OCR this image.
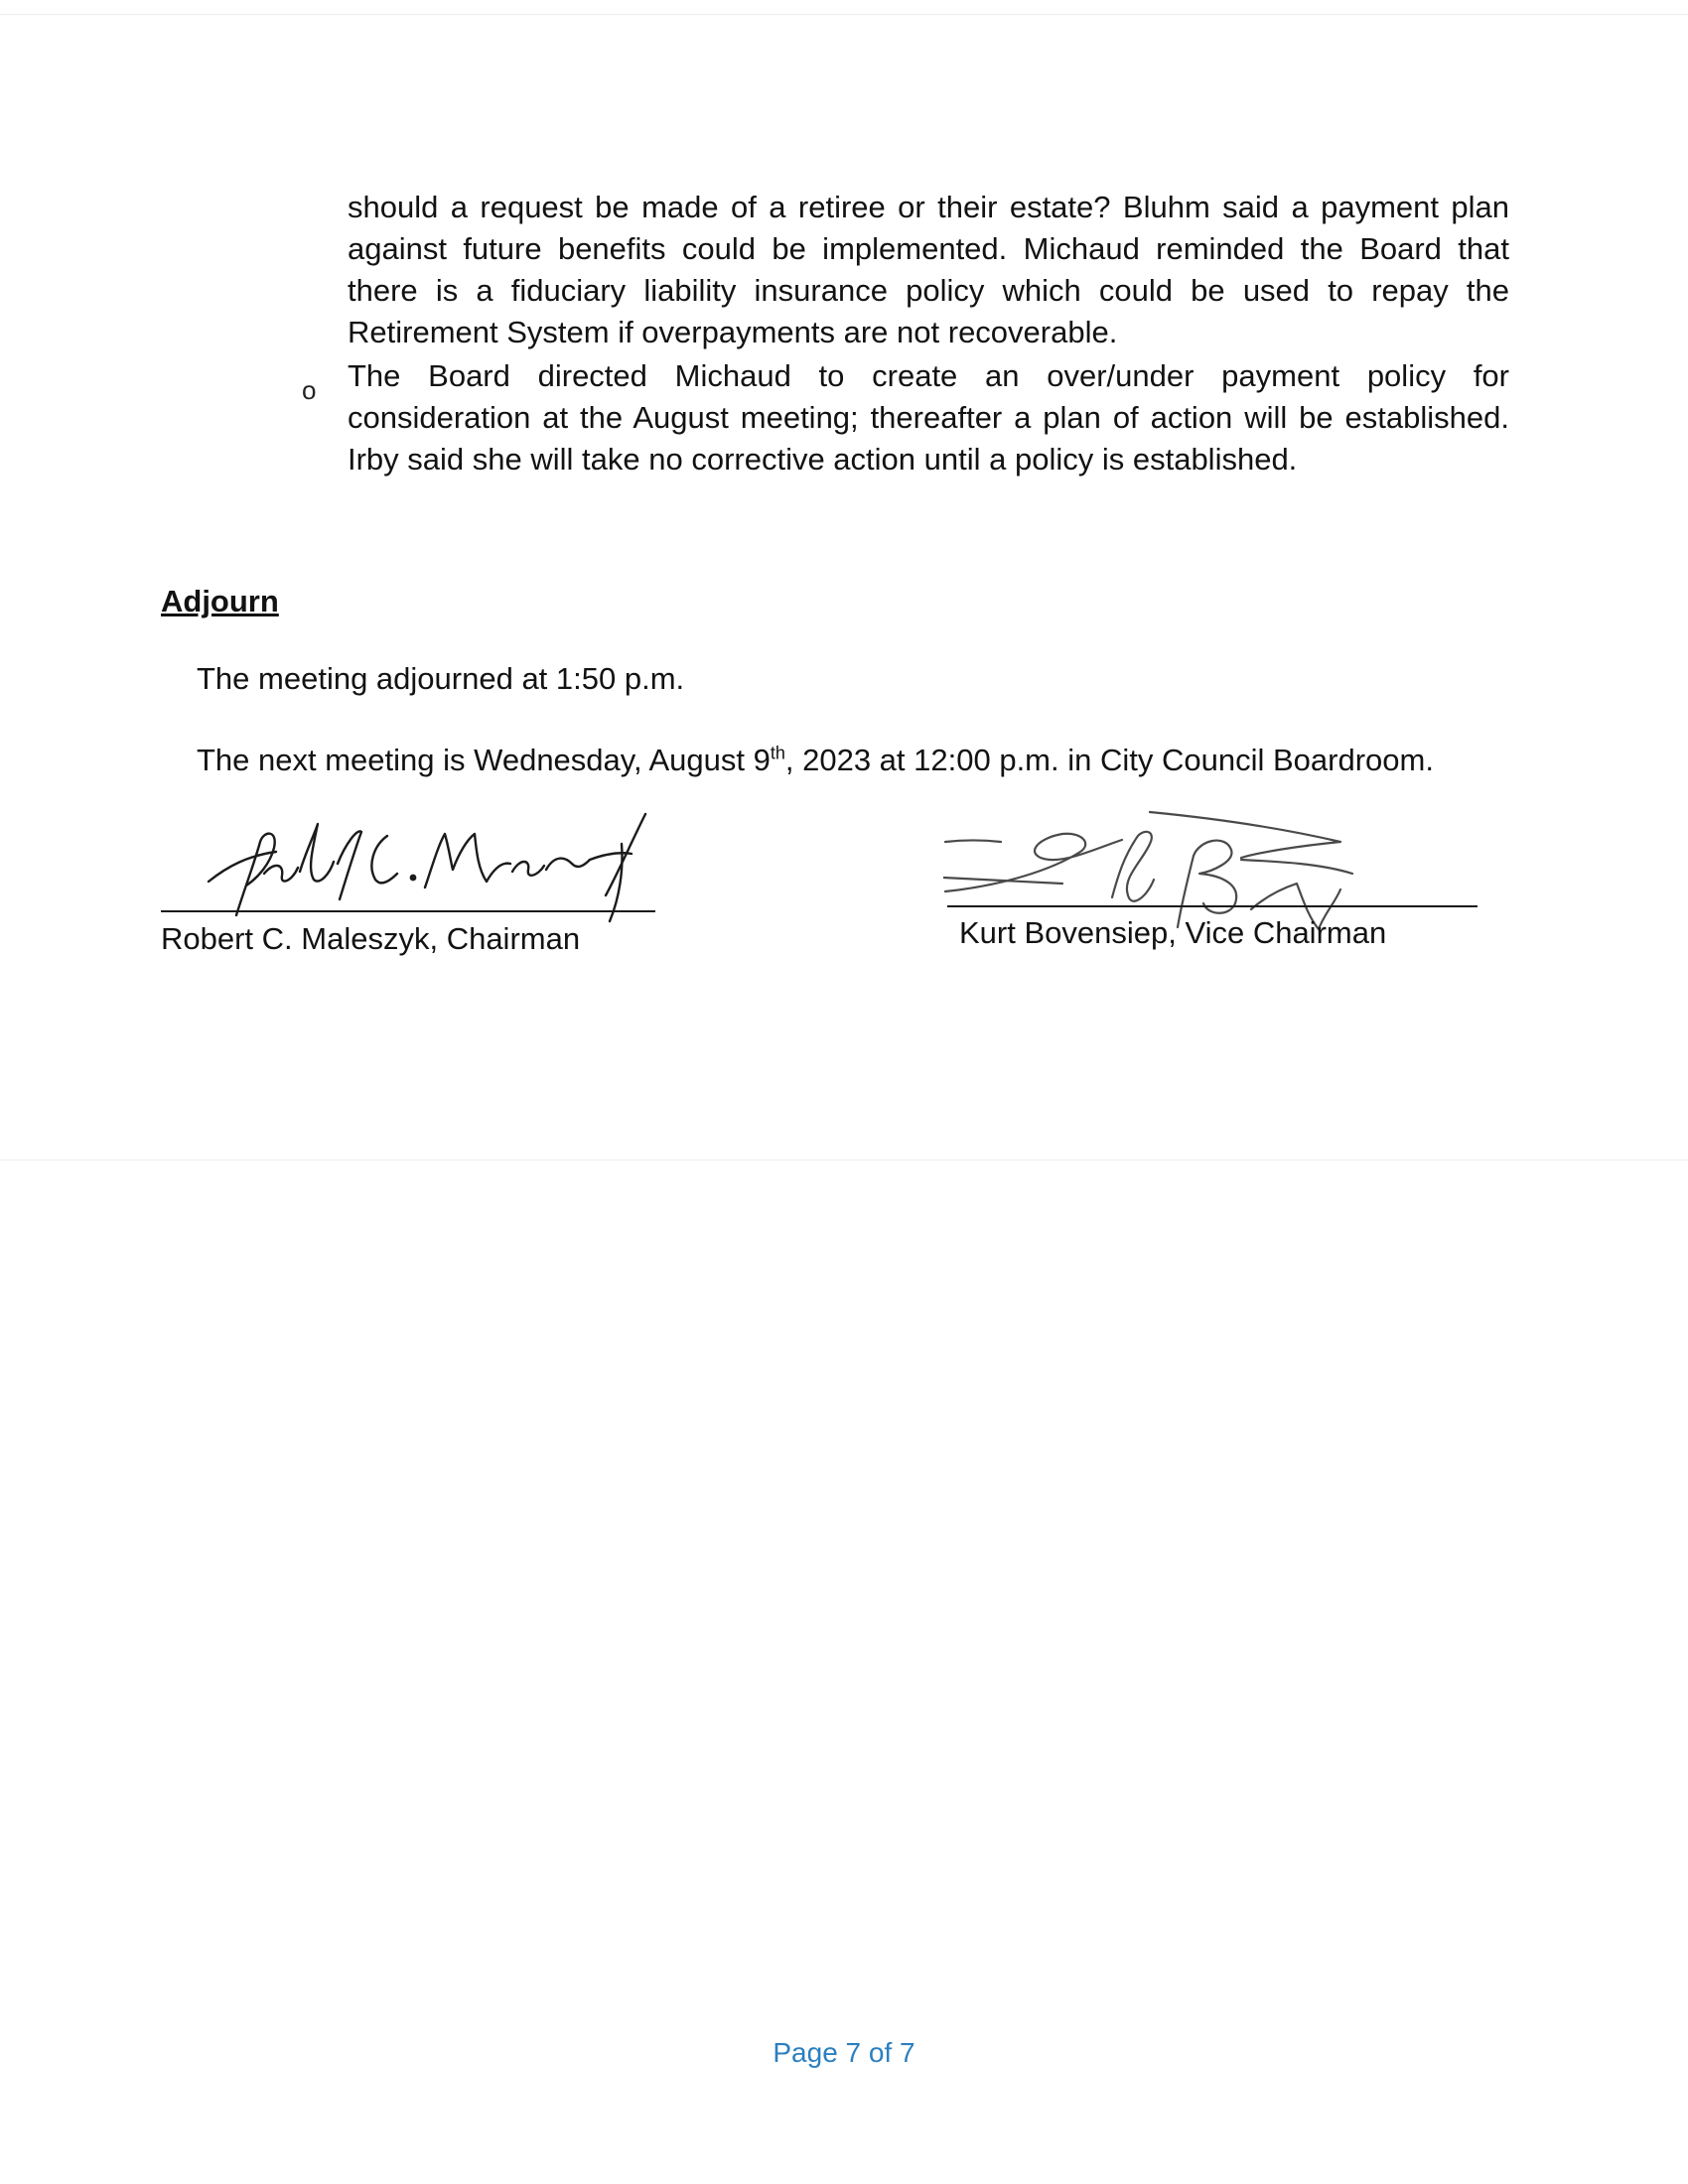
should a request be made of a retiree or their estate? Bluhm said a payment plan against future benefits could be implemented. Michaud reminded the Board that there is a fiduciary liability insurance policy which could be used to repay the Retirement System if overpayments are not recoverable.

o The Board directed Michaud to create an over/under payment policy for consideration at the August meeting; thereafter a plan of action will be established. Irby said she will take no corrective action until a policy is established.

Adjourn
The meeting adjourned at 1:50 p.m.
The next meeting is Wednesday, August 9th, 2023 at 12:00 p.m. in City Council Boardroom.
Robert C. Maleszyk, Chairman	Kurt Bovensiep, Vice Chairman
Page 7 of 7
